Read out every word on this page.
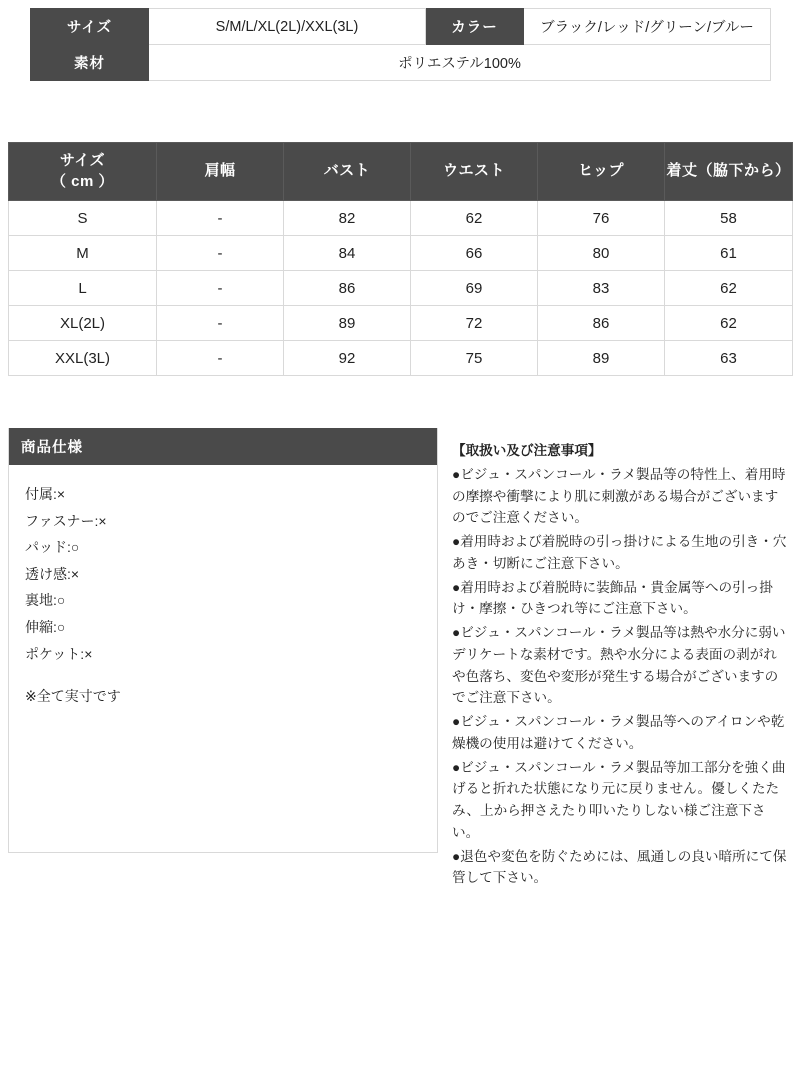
サイズ	S/M/L/XL(2L)/XXL(3L)	カラー	ブラック/レッド/グリーン/ブルー
素材	ポリエステル100%		
サイズ
（ cm ）	肩幅	バスト	ウエスト	ヒップ	着丈（脇下から）
S	-	82	62	76	58
M	-	84	66	80	61
L	-	86	69	83	62
XL(2L)	-	89	72	86	62
XXL(3L)	-	92	75	89	63
商品仕様
付属:×
ファスナー:×
パッド:○
透け感:×
裏地:○
伸縮:○
ポケット:×
※全て実寸です
【取扱い及び注意事項】

●ビジュ・スパンコール・ラメ製品等の特性上、着用時の摩擦や衝撃により肌に刺激がある場合がございますのでご注意ください。

●着用時および着脱時の引っ掛けによる生地の引き・穴あき・切断にご注意下さい。

●着用時および着脱時に装飾品・貴金属等への引っ掛け・摩擦・ひきつれ等にご注意下さい。

●ビジュ・スパンコール・ラメ製品等は熱や水分に弱いデリケートな素材です。熱や水分による表面の剥がれや色落ち、変色や変形が発生する場合がございますのでご注意下さい。

●ビジュ・スパンコール・ラメ製品等へのアイロンや乾燥機の使用は避けてください。

●ビジュ・スパンコール・ラメ製品等加工部分を強く曲げると折れた状態になり元に戻りません。優しくたたみ、上から押さえたり叩いたりしない様ご注意下さい。

●退色や変色を防ぐためには、風通しの良い暗所にて保管して下さい。
